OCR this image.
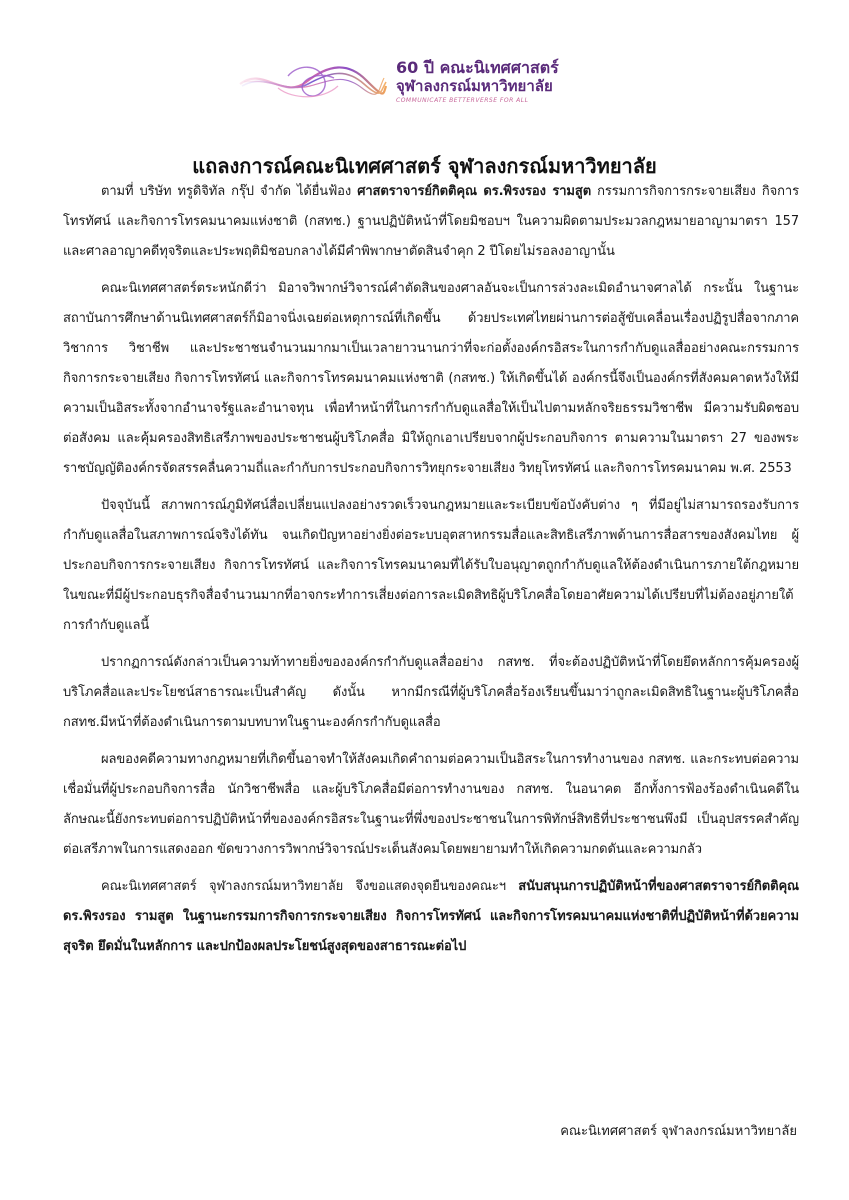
60 ปี คณะนิเทศศาสตร์
จุฬาลงกรณ์มหาวิทยาลัย
COMMUNICATE BETTERVERSE FOR ALL
แถลงการณ์คณะนิเทศศาสตร์ จุฬาลงกรณ์มหาวิทยาลัย

ตามที่ บริษัท ทรูดิจิทัล กรุ๊ป จำกัด ได้ยื่นฟ้อง ศาสตราจารย์กิตติคุณ ดร.พิรงรอง รามสูต กรรมการกิจการกระจายเสียง กิจการโทรทัศน์ และกิจการโทรคมนาคมแห่งชาติ (กสทช.) ฐานปฏิบัติหน้าที่โดยมิชอบฯ ในความผิดตามประมวลกฎหมายอาญามาตรา 157 และศาลอาญาคดีทุจริตและประพฤติมิชอบกลางได้มีคำพิพากษาตัดสินจำคุก 2 ปีโดยไม่รอลงอาญานั้น

คณะนิเทศศาสตร์ตระหนักดีว่า มิอาจวิพากษ์วิจารณ์คำตัดสินของศาลอันจะเป็นการล่วงละเมิดอำนาจศาลได้ กระนั้น ในฐานะสถาบันการศึกษาด้านนิเทศศาสตร์ก็มิอาจนิ่งเฉยต่อเหตุการณ์ที่เกิดขึ้น ด้วยประเทศไทยผ่านการต่อสู้ขับเคลื่อนเรื่องปฏิรูปสื่อจากภาควิชาการ วิชาชีพ และประชาชนจำนวนมากมาเป็นเวลายาวนานกว่าที่จะก่อตั้งองค์กรอิสระในการกำกับดูแลสื่ออย่างคณะกรรมการกิจการกระจายเสียง กิจการโทรทัศน์ และกิจการโทรคมนาคมแห่งชาติ (กสทช.) ให้เกิดขึ้นได้ องค์กรนี้จึงเป็นองค์กรที่สังคมคาดหวังให้มีความเป็นอิสระทั้งจากอำนาจรัฐและอำนาจทุน เพื่อทำหน้าที่ในการกำกับดูแลสื่อให้เป็นไปตามหลักจริยธรรมวิชาชีพ มีความรับผิดชอบต่อสังคม และคุ้มครองสิทธิเสรีภาพของประชาชนผู้บริโภคสื่อ มิให้ถูกเอาเปรียบจากผู้ประกอบกิจการ ตามความในมาตรา 27 ของพระราชบัญญัติองค์กรจัดสรรคลื่นความถี่และกำกับการประกอบกิจการวิทยุกระจายเสียง วิทยุโทรทัศน์ และกิจการโทรคมนาคม พ.ศ. 2553

ปัจจุบันนี้ สภาพการณ์ภูมิทัศน์สื่อเปลี่ยนแปลงอย่างรวดเร็วจนกฎหมายและระเบียบข้อบังคับต่าง ๆ ที่มีอยู่ไม่สามารถรองรับการกำกับดูแลสื่อในสภาพการณ์จริงได้ทัน จนเกิดปัญหาอย่างยิ่งต่อระบบอุตสาหกรรมสื่อและสิทธิเสรีภาพด้านการสื่อสารของสังคมไทย ผู้ประกอบกิจการกระจายเสียง กิจการโทรทัศน์ และกิจการโทรคมนาคมที่ได้รับใบอนุญาตถูกกำกับดูแลให้ต้องดำเนินการภายใต้กฎหมาย ในขณะที่มีผู้ประกอบธุรกิจสื่อจำนวนมากที่อาจกระทำการเสี่ยงต่อการละเมิดสิทธิผู้บริโภคสื่อโดยอาศัยความได้เปรียบที่ไม่ต้องอยู่ภายใต้การกำกับดูแลนี้

ปรากฏการณ์ดังกล่าวเป็นความท้าทายยิ่งขององค์กรกำกับดูแลสื่ออย่าง กสทช. ที่จะต้องปฏิบัติหน้าที่โดยยึดหลักการคุ้มครองผู้บริโภคสื่อและประโยชน์สาธารณะเป็นสำคัญ ดังนั้น หากมีกรณีที่ผู้บริโภคสื่อร้องเรียนขึ้นมาว่าถูกละเมิดสิทธิในฐานะผู้บริโภคสื่อ กสทช.มีหน้าที่ต้องดำเนินการตามบทบาทในฐานะองค์กรกำกับดูแลสื่อ

ผลของคดีความทางกฎหมายที่เกิดขึ้นอาจทำให้สังคมเกิดคำถามต่อความเป็นอิสระในการทำงานของ กสทช. และกระทบต่อความเชื่อมั่นที่ผู้ประกอบกิจการสื่อ นักวิชาชีพสื่อ และผู้บริโภคสื่อมีต่อการทำงานของ กสทช. ในอนาคต อีกทั้งการฟ้องร้องดำเนินคดีในลักษณะนี้ยังกระทบต่อการปฏิบัติหน้าที่ขององค์กรอิสระในฐานะที่พึ่งของประชาชนในการพิทักษ์สิทธิที่ประชาชนพึงมี เป็นอุปสรรคสำคัญต่อเสรีภาพในการแสดงออก ขัดขวางการวิพากษ์วิจารณ์ประเด็นสังคมโดยพยายามทำให้เกิดความกดดันและความกลัว

คณะนิเทศศาสตร์ จุฬาลงกรณ์มหาวิทยาลัย จึงขอแสดงจุดยืนของคณะฯ สนับสนุนการปฏิบัติหน้าที่ของศาสตราจารย์กิตติคุณ ดร.พิรงรอง รามสูต ในฐานะกรรมการกิจการกระจายเสียง กิจการโทรทัศน์ และกิจการโทรคมนาคมแห่งชาติที่ปฏิบัติหน้าที่ด้วยความสุจริต ยึดมั่นในหลักการ และปกป้องผลประโยชน์สูงสุดของสาธารณะต่อไป

คณะนิเทศศาสตร์ จุฬาลงกรณ์มหาวิทยาลัย
